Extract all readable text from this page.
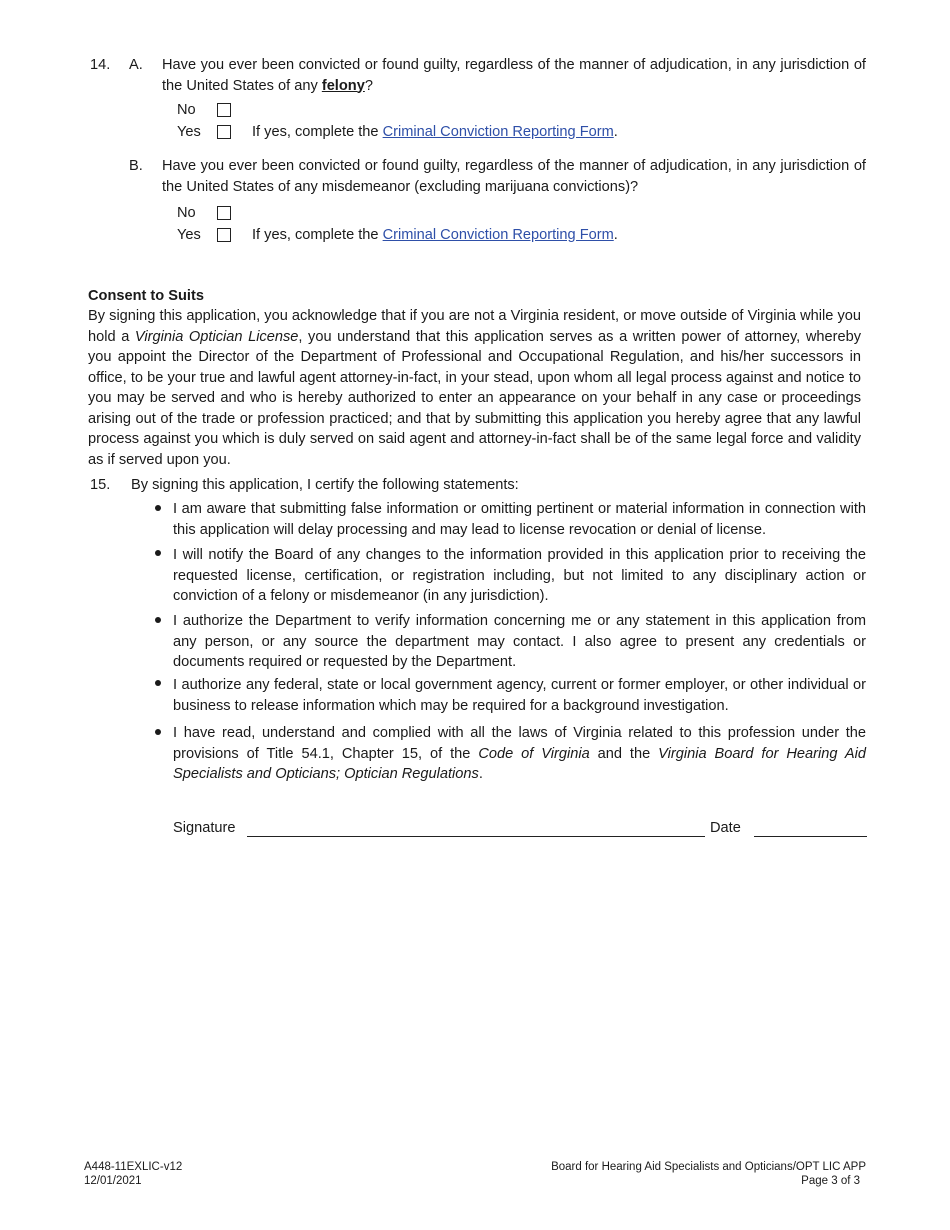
14. A. Have you ever been convicted or found guilty, regardless of the manner of adjudication, in any jurisdiction of the United States of any felony?
No
Yes	If yes, complete the Criminal Conviction Reporting Form.
B. Have you ever been convicted or found guilty, regardless of the manner of adjudication, in any jurisdiction of the United States of any misdemeanor (excluding marijuana convictions)?
No
Yes	If yes, complete the Criminal Conviction Reporting Form.
Consent to Suits
By signing this application, you acknowledge that if you are not a Virginia resident, or move outside of Virginia while you hold a Virginia Optician License, you understand that this application serves as a written power of attorney, whereby you appoint the Director of the Department of Professional and Occupational Regulation, and his/her successors in office, to be your true and lawful agent attorney-in-fact, in your stead, upon whom all legal process against and notice to you may be served and who is hereby authorized to enter an appearance on your behalf in any case or proceedings arising out of the trade or profession practiced; and that by submitting this application you hereby agree that any lawful process against you which is duly served on said agent and attorney-in-fact shall be of the same legal force and validity as if served upon you.
15. By signing this application, I certify the following statements:
I am aware that submitting false information or omitting pertinent or material information in connection with this application will delay processing and may lead to license revocation or denial of license.
I will notify the Board of any changes to the information provided in this application prior to receiving the requested license, certification, or registration including, but not limited to any disciplinary action or conviction of a felony or misdemeanor (in any jurisdiction).
I authorize the Department to verify information concerning me or any statement in this application from any person, or any source the department may contact. I also agree to present any credentials or documents required or requested by the Department.
I authorize any federal, state or local government agency, current or former employer, or other individual or business to release information which may be required for a background investigation.
I have read, understand and complied with all the laws of Virginia related to this profession under the provisions of Title 54.1, Chapter 15, of the Code of Virginia and the Virginia Board for Hearing Aid Specialists and Opticians; Optician Regulations.
Signature	Date
A448-11EXLIC-v12
12/01/2021
Board for Hearing Aid Specialists and Opticians/OPT LIC APP
Page 3 of 3
